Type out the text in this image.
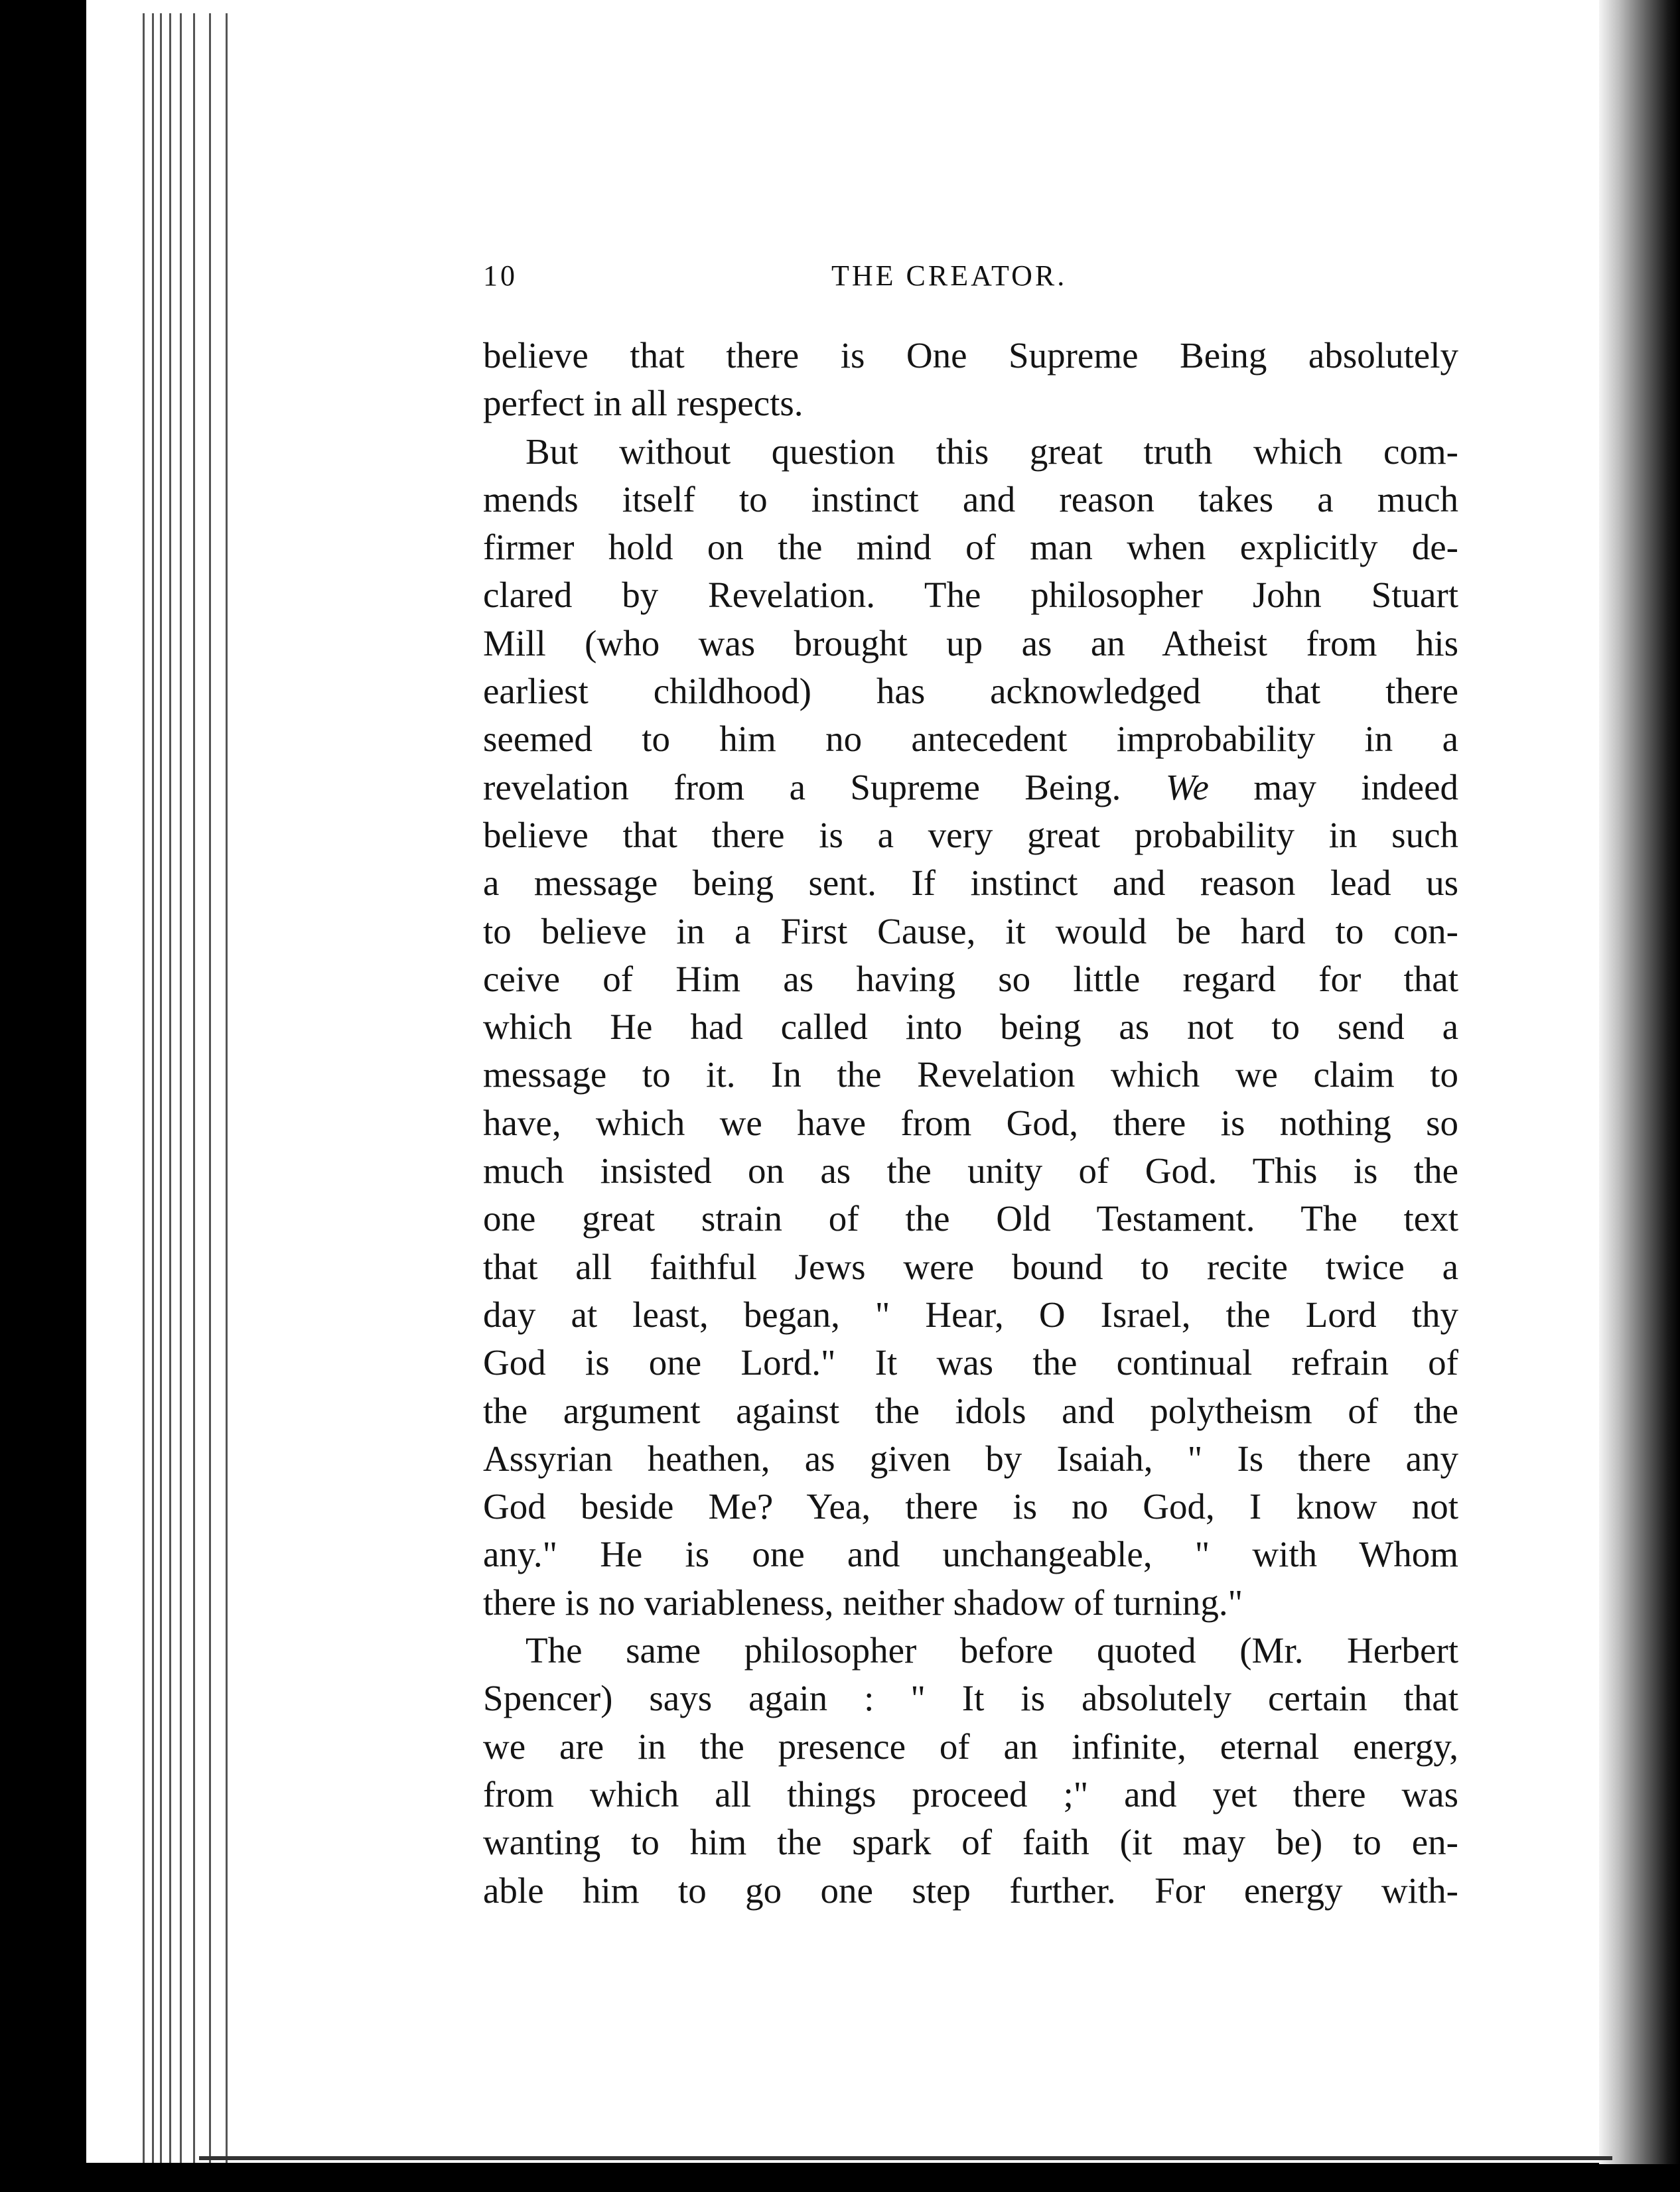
10	THE CREATOR.
believe that there is One Supreme Being absolutely
perfect in all respects.
But without question this great truth which com-
mends itself to instinct and reason takes a much
firmer hold on the mind of man when explicitly de-
clared by Revelation. The philosopher John Stuart
Mill (who was brought up as an Atheist from his
earliest childhood) has acknowledged that there
seemed to him no antecedent improbability in a
revelation from a Supreme Being. We may indeed
believe that there is a very great probability in such
a message being sent. If instinct and reason lead us
to believe in a First Cause, it would be hard to con-
ceive of Him as having so little regard for that
which He had called into being as not to send a
message to it. In the Revelation which we claim to
have, which we have from God, there is nothing so
much insisted on as the unity of God. This is the
one great strain of the Old Testament. The text
that all faithful Jews were bound to recite twice a
day at least, began, " Hear, O Israel, the Lord thy
God is one Lord." It was the continual refrain of
the argument against the idols and polytheism of the
Assyrian heathen, as given by Isaiah, " Is there any
God beside Me? Yea, there is no God, I know not
any." He is one and unchangeable, " with Whom
there is no variableness, neither shadow of turning."
The same philosopher before quoted (Mr. Herbert
Spencer) says again : " It is absolutely certain that
we are in the presence of an infinite, eternal energy,
from which all things proceed ;" and yet there was
wanting to him the spark of faith (it may be) to en-
able him to go one step further. For energy with-
